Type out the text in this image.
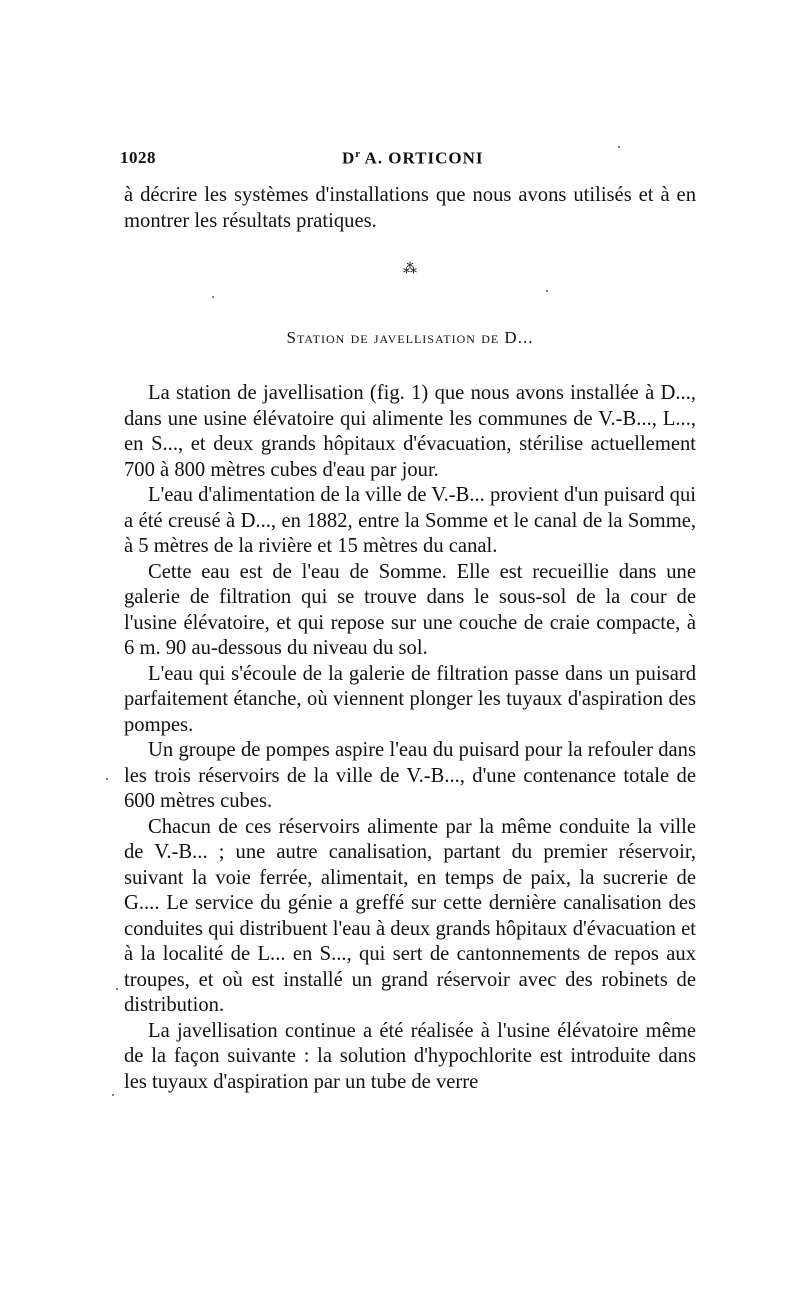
1028	$D^r$ A. ORTICONI

à décrire les systèmes d'installations que nous avons utilisés et à en montrer les résultats pratiques.

⁂
Station de javellisation de D...

La station de javellisation (fig. 1) que nous avons installée à D..., dans une usine élévatoire qui alimente les communes de V.-B..., L..., en S..., et deux grands hôpitaux d'évacuation, stérilise actuellement 700 à 800 mètres cubes d'eau par jour.

L'eau d'alimentation de la ville de V.-B... provient d'un puisard qui a été creusé à D..., en 1882, entre la Somme et le canal de la Somme, à 5 mètres de la rivière et 15 mètres du canal.

Cette eau est de l'eau de Somme. Elle est recueillie dans une galerie de filtration qui se trouve dans le sous-sol de la cour de l'usine élévatoire, et qui repose sur une couche de craie compacte, à 6 m. 90 au-dessous du niveau du sol.

L'eau qui s'écoule de la galerie de filtration passe dans un puisard parfaitement étanche, où viennent plonger les tuyaux d'aspiration des pompes.

Un groupe de pompes aspire l'eau du puisard pour la refouler dans les trois réservoirs de la ville de V.-B..., d'une contenance totale de 600 mètres cubes.

Chacun de ces réservoirs alimente par la même conduite la ville de V.-B... ; une autre canalisation, partant du premier réservoir, suivant la voie ferrée, alimentait, en temps de paix, la sucrerie de G.... Le service du génie a greffé sur cette dernière canalisation des conduites qui distribuent l'eau à deux grands hôpitaux d'évacuation et à la localité de L... en S..., qui sert de cantonnements de repos aux troupes, et où est installé un grand réservoir avec des robinets de distribution.

La javellisation continue a été réalisée à l'usine élévatoire même de la façon suivante : la solution d'hypochlorite est introduite dans les tuyaux d'aspiration par un tube de verre
